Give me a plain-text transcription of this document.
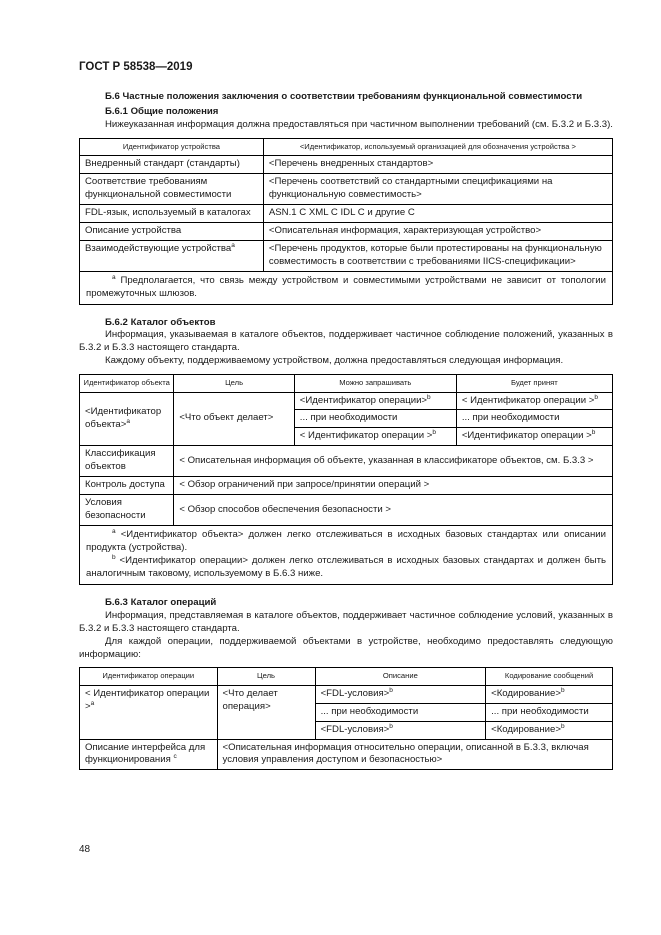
ГОСТ Р 58538—2019

Б.6 Частные положения заключения о соответствии требованиям функциональной совместимости

Б.6.1 Общие положения

Нижеуказанная информация должна предоставляться при частичном выполнении требований (см. Б.3.2 и Б.3.3).

Идентификатор устройства	<Идентификатор, используемый организацией для обозначения устройства >
Внедренный стандарт (стандарты)	<Перечень внедренных стандартов>
Соответствие требованиям функциональной совместимости	<Перечень соответствий со стандартными спецификациями на функциональную совместимость>
FDL-язык, используемый в каталогах	ASN.1 C XML C IDL C и другие C
Описание устройства	<Описательная информация, характеризующая устройство>
Взаимодействующие устройства$^а$	<Перечень продуктов, которые были протестированы на функциональную совместимость в соответствии с требованиями IICS-спецификации>

$^а$ Предполагается, что связь между устройством и совместимыми устройствами не зависит от топологии промежуточных шлюзов.	

Б.6.2 Каталог объектов

Информация, указываемая в каталоге объектов, поддерживает частичное соблюдение положений, указанных в Б.3.2 и Б.3.3 настоящего стандарта.

Каждому объекту, поддерживаемому устройством, должна предоставляться следующая информация.

Идентификатор объекта	Цель	Можно запрашивать	Будет принят
<Идентификатор объекта>$^а$	<Что объект делает>	<Идентификатор операции>$^b$	< Идентификатор операции >$^b$
		... при необходимости	... при необходимости
		< Идентификатор операции >$^b$	<Идентификатор операции >$^b$
Классификация объектов	< Описательная информация об объекте, указанная в классификаторе объектов, см. Б.3.3 >		
Контроль доступа	< Обзор ограничений при запросе/принятии операций >		
Условия безопасности	< Обзор способов обеспечения безопасности >		

$^а$ <Идентификатор объекта> должен легко отслеживаться в исходных базовых стандартах или описании продукта (устройства).

$^b$ <Идентификатор операции> должен легко отслеживаться в исходных базовых стандартах и должен быть аналогичным таковому, используемому в Б.6.3 ниже.			

Б.6.3 Каталог операций

Информация, представляемая в каталоге объектов, поддерживает частичное соблюдение условий, указанных в Б.3.2 и Б.3.3 настоящего стандарта.

Для каждой операции, поддерживаемой объектами в устройстве, необходимо предоставлять следующую информацию:

Идентификатор операции	Цель	Описание	Кодирование сообщений
< Идентификатор операции >$^а$	<Что делает операция>	<FDL-условия>$^b$	<Кодирование>$^b$
		... при необходимости	... при необходимости
		<FDL-условия>$^b$	<Кодирование>$^b$
Описание интерфейса для функционирования $^с$	<Описательная информация относительно операции, описанной в Б.3.3, включая условия управления доступом и безопасностью>		
48
